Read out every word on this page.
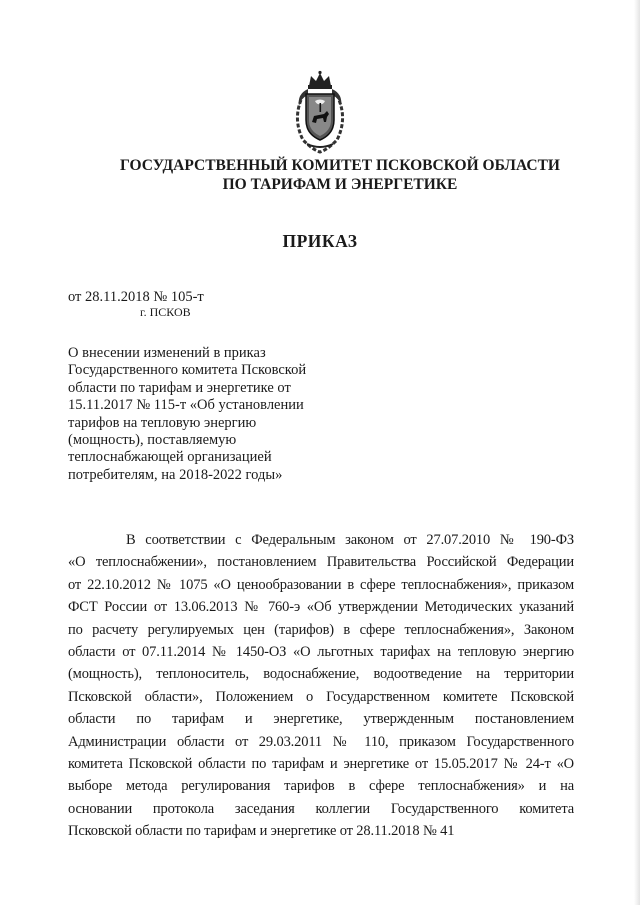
ГОСУДАРСТВЕННЫЙ КОМИТЕТ ПСКОВСКОЙ ОБЛАСТИ
ПО ТАРИФАМ И ЭНЕРГЕТИКЕ
ПРИКАЗ
от 28.11.2018 № 105-т
г. ПСКОВ
О внесении изменений в приказ
Государственного комитета Псковской
области по тарифам и энергетике от
15.11.2017 № 115-т «Об установлении
тарифов на тепловую энергию
(мощность), поставляемую
теплоснабжающей организацией
потребителям, на 2018-2022 годы»
В соответствии с Федеральным законом от 27.07.2010 № 190-ФЗ
«О теплоснабжении», постановлением Правительства Российской Федерации
от 22.10.2012 № 1075 «О ценообразовании в сфере теплоснабжения», приказом
ФСТ России от 13.06.2013 № 760-э «Об утверждении Методических указаний
по расчету регулируемых цен (тарифов) в сфере теплоснабжения», Законом
области от 07.11.2014 № 1450-ОЗ «О льготных тарифах на тепловую энергию
(мощность), теплоноситель, водоснабжение, водоотведение на территории
Псковской области», Положением о Государственном комитете Псковской
области по тарифам и энергетике, утвержденным постановлением
Администрации области от 29.03.2011 № 110, приказом Государственного
комитета Псковской области по тарифам и энергетике от 15.05.2017 № 24-т «О
выборе метода регулирования тарифов в сфере теплоснабжения» и на
основании протокола заседания коллегии Государственного комитета
Псковской области по тарифам и энергетике от 28.11.2018 № 41
